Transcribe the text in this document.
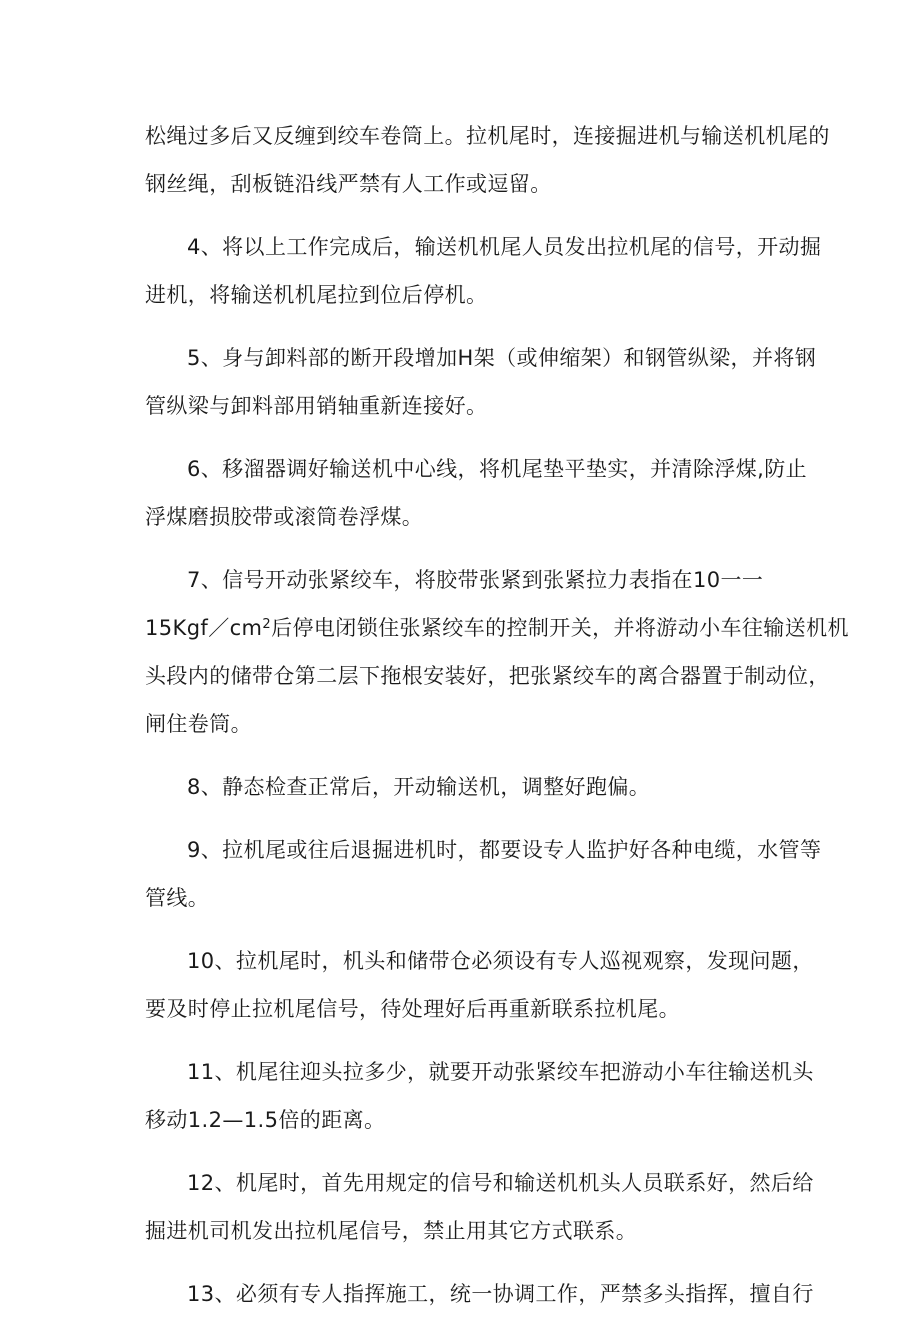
松绳过多后又反缠到绞车卷筒上。拉机尾时，连接掘进机与输送机机尾的
钢丝绳，刮板链沿线严禁有人工作或逗留。
4、将以上工作完成后，输送机机尾人员发出拉机尾的信号，开动掘
进机，将输送机机尾拉到位后停机。
5、身与卸料部的断开段增加H架（或伸缩架）和钢管纵梁，并将钢
管纵梁与卸料部用销轴重新连接好。
6、移溜器调好输送机中心线，将机尾垫平垫实，并清除浮煤,防止
浮煤磨损胶带或滚筒卷浮煤。
7、信号开动张紧绞车，将胶带张紧到张紧拉力表指在10一一
$15Kgf/cm^2$后停电闭锁住张紧绞车的控制开关，并将游动小车往输送机机
头段内的储带仓第二层下拖根安装好，把张紧绞车的离合器置于制动位，
闸住卷筒。
8、静态检查正常后，开动输送机，调整好跑偏。
9、拉机尾或往后退掘进机时，都要设专人监护好各种电缆，水管等
管线。
10、拉机尾时，机头和储带仓必须设有专人巡视观察，发现问题，
要及时停止拉机尾信号，待处理好后再重新联系拉机尾。
11、机尾往迎头拉多少，就要开动张紧绞车把游动小车往输送机头
移动1.2—1.5倍的距离。
12、机尾时，首先用规定的信号和输送机机头人员联系好，然后给
掘进机司机发出拉机尾信号，禁止用其它方式联系。
13、必须有专人指挥施工，统一协调工作，严禁多头指挥，擅自行
